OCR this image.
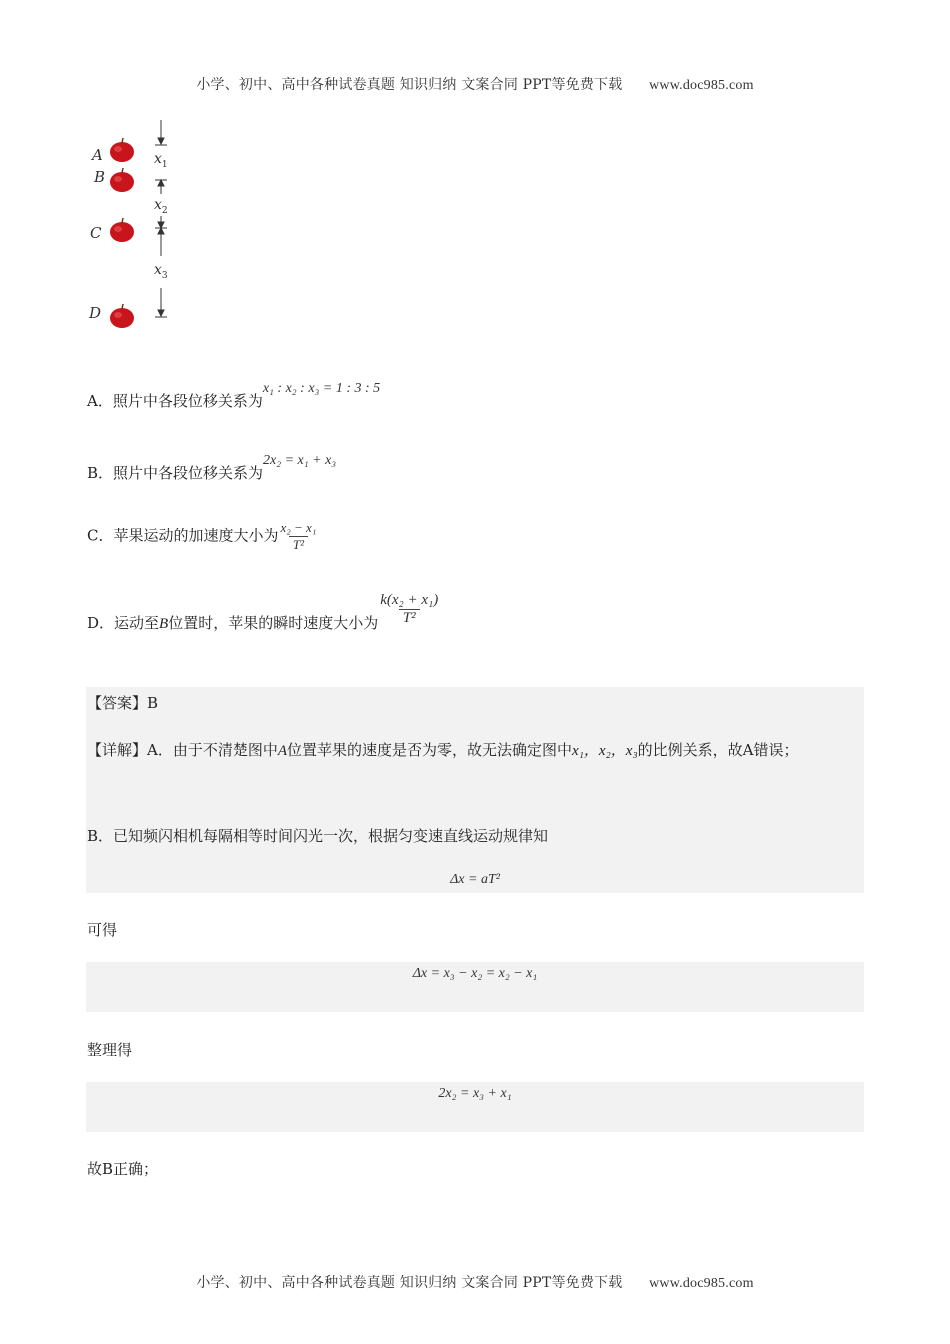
小学、初中、高中各种试卷真题 知识归纳 文案合同 PPT等免费下载 www.doc985.com
A
B
C
D
$x_1$
$x_2$
$x_3$
A．照片中各段位移关系为x₁ : x₂ : x₃ = 1 : 3 : 5
B．照片中各段位移关系为2x₂ = x₁ + x₃
C．苹果运动的加速度大小为 $\frac{\text{x₂ − x₁}}{\text{T²}}$
D．运动至B位置时，苹果的瞬时速度大小为 $\frac{\text{k(x₂ + x₁)}}{\text{T²}}$
【答案】B
【详解】A．由于不清楚图中A位置苹果的速度是否为零，故无法确定图中x₁，x₂，x₃的比例关系，故A错误；
B．已知频闪相机每隔相等时间闪光一次，根据匀变速直线运动规律知
Δx = aT²
可得
Δx = x₃ − x₂ = x₂ − x₁
整理得
2x₂ = x₃ + x₁
故B正确；
小学、初中、高中各种试卷真题 知识归纳 文案合同 PPT等免费下载 www.doc985.com
